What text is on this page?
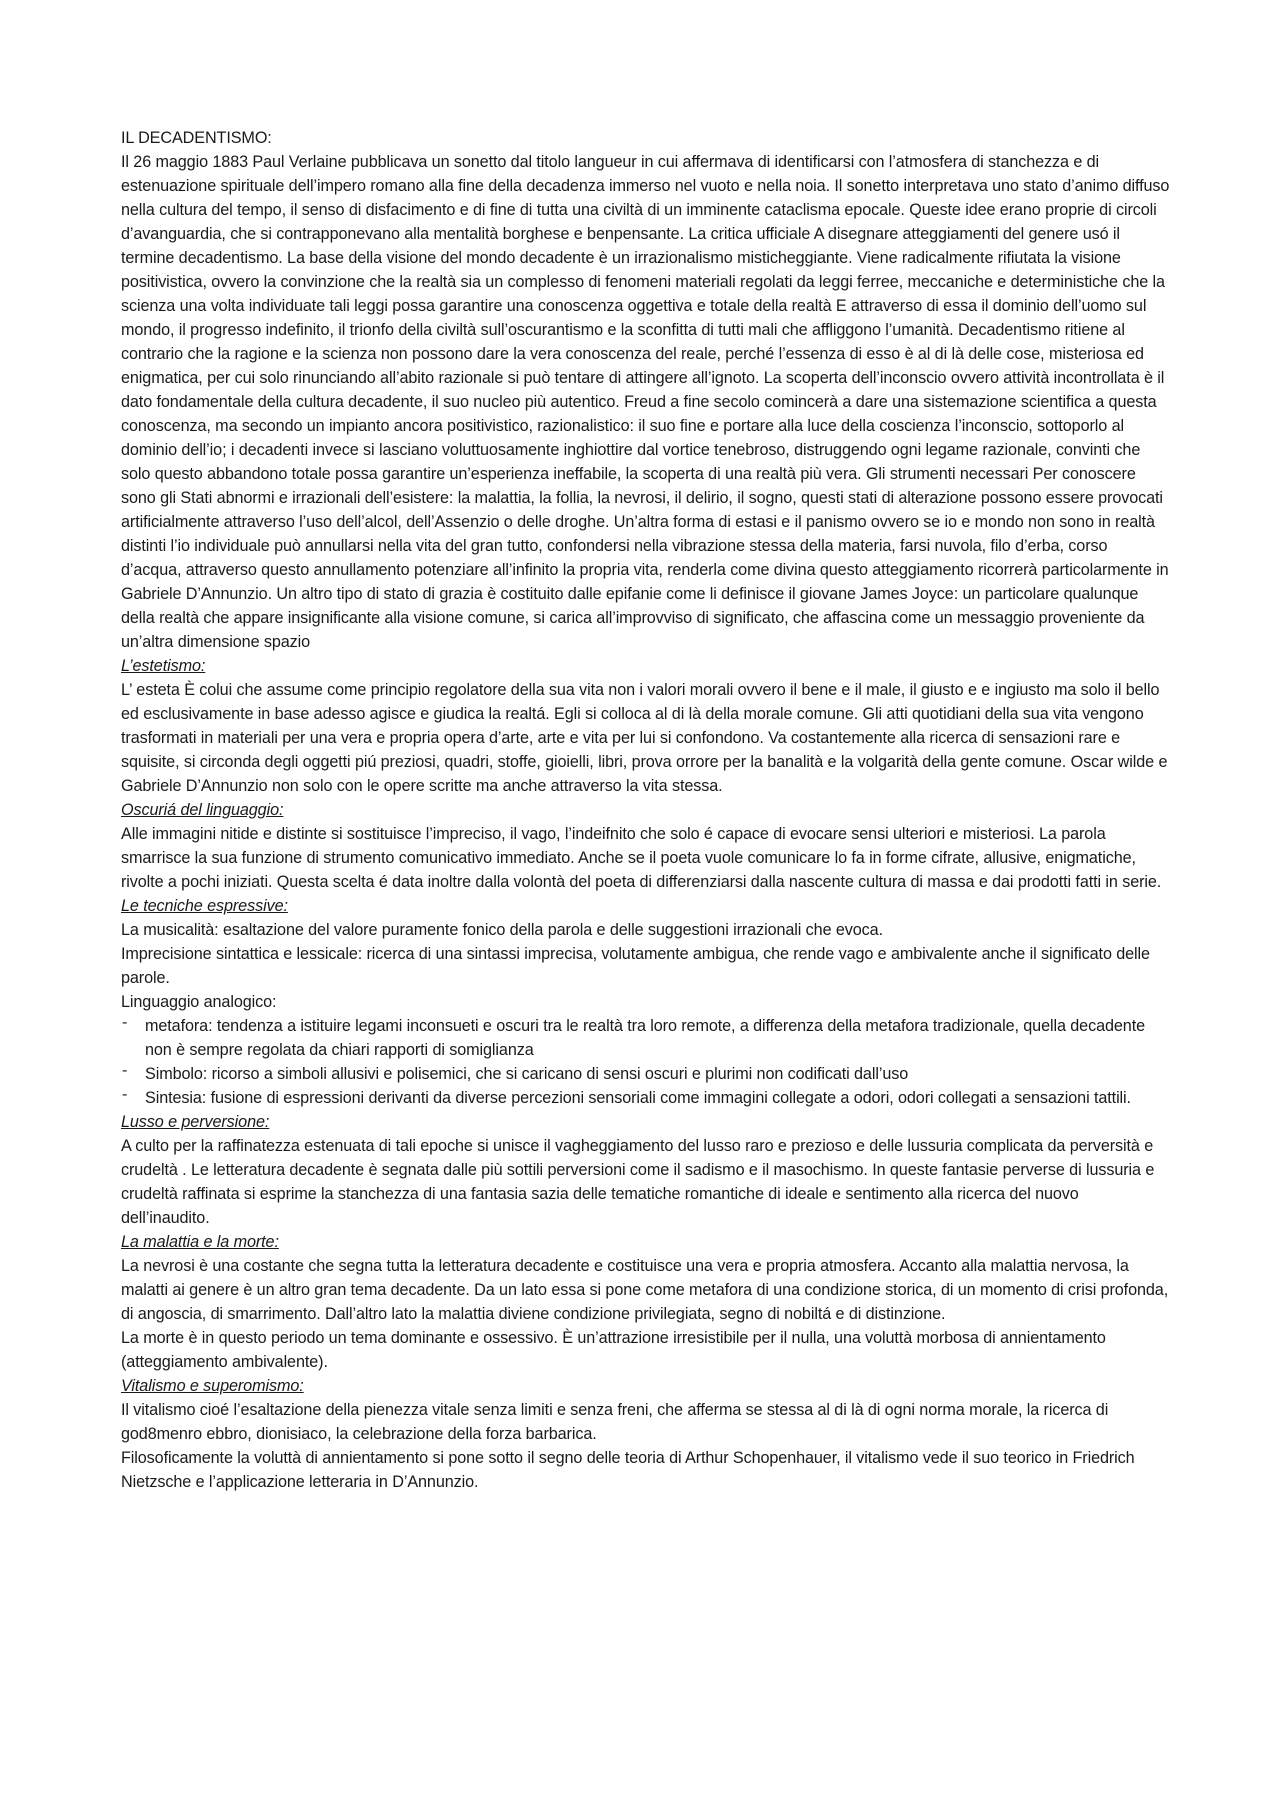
IL DECADENTISMO:

Il 26 maggio 1883 Paul Verlaine pubblicava un sonetto dal titolo langueur in cui affermava di identificarsi con l’atmosfera di stanchezza e di estenuazione spirituale dell’impero romano alla fine della decadenza immerso nel vuoto e nella noia. Il sonetto interpretava uno stato d’animo diffuso nella cultura del tempo, il senso di disfacimento e di fine di tutta una civiltà di un imminente cataclisma epocale. Queste idee erano proprie di circoli d’avanguardia, che si contrapponevano alla mentalità borghese e benpensante. La critica ufficiale A disegnare atteggiamenti del genere usó il termine decadentismo. La base della visione del mondo decadente è un irrazionalismo misticheggiante. Viene radicalmente rifiutata la visione positivistica, ovvero la convinzione che la realtà sia un complesso di fenomeni materiali regolati da leggi ferree, meccaniche e deterministiche che la scienza una volta individuate tali leggi possa garantire una conoscenza oggettiva e totale della realtà E attraverso di essa il dominio dell’uomo sul mondo, il progresso indefinito, il trionfo della civiltà sull’oscurantismo e la sconfitta di tutti mali che affliggono l’umanità. Decadentismo ritiene al contrario che la ragione e la scienza non possono dare la vera conoscenza del reale, perché l’essenza di esso è al di là delle cose, misteriosa ed enigmatica, per cui solo rinunciando all’abito razionale si può tentare di attingere all’ignoto. La scoperta dell’inconscio ovvero attività incontrollata è il dato fondamentale della cultura decadente, il suo nucleo più autentico. Freud a fine secolo comincerà a dare una sistemazione scientifica a questa conoscenza, ma secondo un impianto ancora positivistico, razionalistico: il suo fine e portare alla luce della coscienza l’inconscio, sottoporlo al dominio dell’io; i decadenti invece si lasciano voluttuosamente inghiottire dal vortice tenebroso, distruggendo ogni legame razionale, convinti che solo questo abbandono totale possa garantire un’esperienza ineffabile, la scoperta di una realtà più vera. Gli strumenti necessari Per conoscere sono gli Stati abnormi e irrazionali dell’esistere: la malattia, la follia, la nevrosi, il delirio, il sogno, questi stati di alterazione possono essere provocati artificialmente attraverso l’uso dell’alcol, dell’Assenzio o delle droghe. Un’altra forma di estasi e il panismo ovvero se io e mondo non sono in realtà distinti l’io individuale può annullarsi nella vita del gran tutto, confondersi nella vibrazione stessa della materia, farsi nuvola, filo d’erba, corso d’acqua, attraverso questo annullamento potenziare all’infinito la propria vita, renderla come divina questo atteggiamento ricorrerà particolarmente in Gabriele D’Annunzio. Un altro tipo di stato di grazia è costituito dalle epifanie come li definisce il giovane James Joyce: un particolare qualunque della realtà che appare insignificante alla visione comune, si carica all’improvviso di significato, che affascina come un messaggio proveniente da un’altra dimensione spazio

L’estetismo:

L’ esteta È colui che assume come principio regolatore della sua vita non i valori morali ovvero il bene e il male, il giusto e e ingiusto ma solo il bello ed esclusivamente in base adesso agisce e giudica la realtá. Egli si colloca al di là della morale comune. Gli atti quotidiani della sua vita vengono trasformati in materiali per una vera e propria opera d’arte, arte e vita per lui si confondono. Va costantemente alla ricerca di sensazioni rare e squisite, si circonda degli oggetti piú preziosi, quadri, stoffe, gioielli, libri, prova orrore per la banalità e la volgarità della gente comune. Oscar wilde e Gabriele D’Annunzio non solo con le opere scritte ma anche attraverso la vita stessa.

Oscuriá del linguaggio:

Alle immagini nitide e distinte si sostituisce l’impreciso, il vago, l’indeifnito che solo é capace di evocare sensi ulteriori e misteriosi. La parola smarrisce la sua funzione di strumento comunicativo immediato. Anche se il poeta vuole comunicare lo fa in forme cifrate, allusive, enigmatiche, rivolte a pochi iniziati. Questa scelta é data inoltre dalla volontà del poeta di differenziarsi dalla nascente cultura di massa e dai prodotti fatti in serie.

Le tecniche espressive:

La musicalità: esaltazione del valore puramente fonico della parola e delle suggestioni irrazionali che evoca.

Imprecisione sintattica e lessicale: ricerca di una sintassi imprecisa, volutamente ambigua, che rende vago e ambivalente anche il significato delle parole.

Linguaggio analogico:

- metafora: tendenza a istituire legami inconsueti e oscuri tra le realtà tra loro remote, a differenza della metafora tradizionale, quella decadente non è sempre regolata da chiari rapporti di somiglianza
- Simbolo: ricorso a simboli allusivi e polisemici, che si caricano di sensi oscuri e plurimi non codificati dall’uso
- Sintesia: fusione di espressioni derivanti da diverse percezioni sensoriali come immagini collegate a odori, odori collegati a sensazioni tattili.

Lusso e perversione:

A culto per la raffinatezza estenuata di tali epoche si unisce il vagheggiamento del lusso raro e prezioso e delle lussuria complicata da perversità e crudeltà . Le letteratura decadente è segnata dalle più sottili perversioni come il sadismo e il masochismo. In queste fantasie perverse di lussuria e crudeltà raffinata si esprime la stanchezza di una fantasia sazia delle tematiche romantiche di ideale e sentimento alla ricerca del nuovo dell’inaudito.

La malattia e la morte:

La nevrosi è una costante che segna tutta la letteratura decadente e costituisce una vera e propria atmosfera. Accanto alla malattia nervosa, la malatti ai genere è un altro gran tema decadente. Da un lato essa si pone come metafora di una condizione storica, di un momento di crisi profonda, di angoscia, di smarrimento. Dall’altro lato la malattia diviene condizione privilegiata, segno di nobiltá e di distinzione.

La morte è in questo periodo un tema dominante e ossessivo. È un’attrazione irresistibile per il nulla, una voluttà morbosa di annientamento (atteggiamento ambivalente).

Vitalismo e superomismo:

Il vitalismo cioé l’esaltazione della pienezza vitale senza limiti e senza freni, che afferma se stessa al di là di ogni norma morale, la ricerca di god8menro ebbro, dionisiaco, la celebrazione della forza barbarica.

Filosoficamente la voluttà di annientamento si pone sotto il segno delle teoria di Arthur Schopenhauer, il vitalismo vede il suo teorico in Friedrich Nietzsche e l’applicazione letteraria in D’Annunzio.
